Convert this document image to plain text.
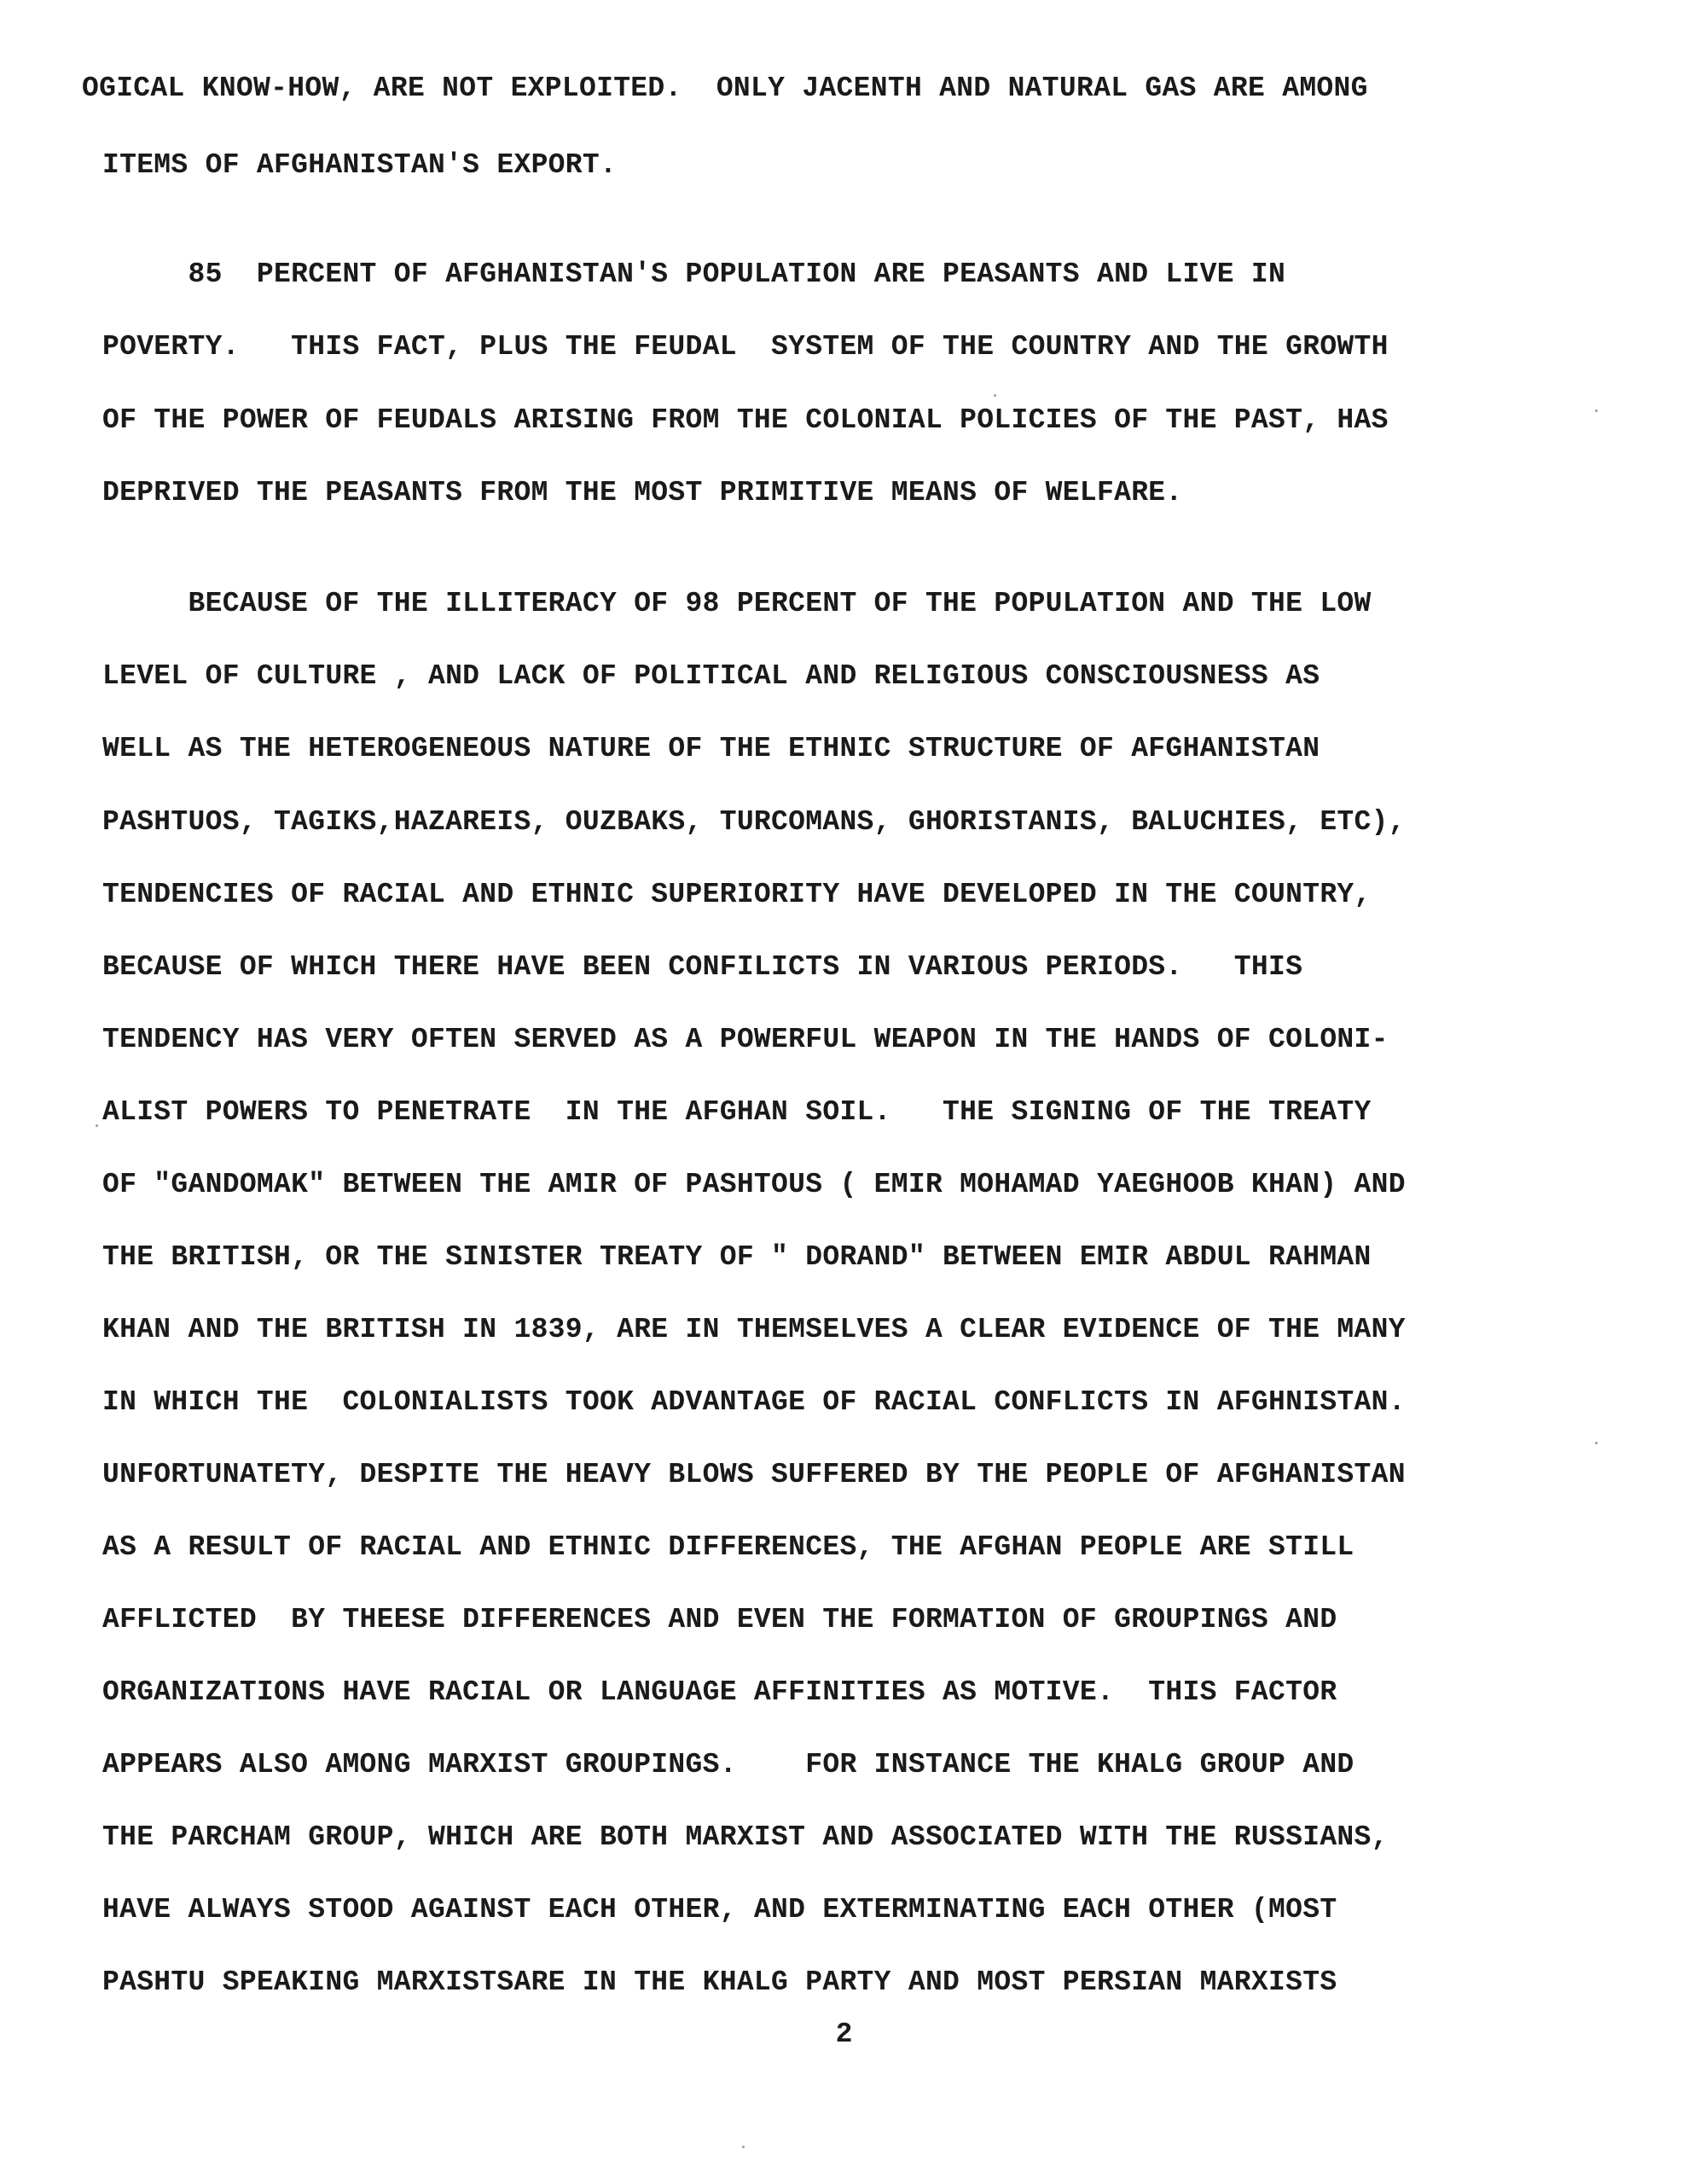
OGICAL KNOW-HOW, ARE NOT EXPLOITED.  ONLY JACENTH AND NATURAL GAS ARE AMONG

ITEMS OF AFGHANISTAN'S EXPORT.

85  PERCENT OF AFGHANISTAN'S POPULATION ARE PEASANTS AND LIVE IN

POVERTY.   THIS FACT, PLUS THE FEUDAL  SYSTEM OF THE COUNTRY AND THE GROWTH

OF THE POWER OF FEUDALS ARISING FROM THE COLONIAL POLICIES OF THE PAST, HAS

DEPRIVED THE PEASANTS FROM THE MOST PRIMITIVE MEANS OF WELFARE.

BECAUSE OF THE ILLITERACY OF 98 PERCENT OF THE POPULATION AND THE LOW

LEVEL OF CULTURE , AND LACK OF POLITICAL AND RELIGIOUS CONSCIOUSNESS AS

WELL AS THE HETEROGENEOUS NATURE OF THE ETHNIC STRUCTURE OF AFGHANISTAN

PASHTUOS, TAGIKS,HAZAREIS, OUZBAKS, TURCOMANS, GHORISTANIS, BALUCHIES, ETC),

TENDENCIES OF RACIAL AND ETHNIC SUPERIORITY HAVE DEVELOPED IN THE COUNTRY,

BECAUSE OF WHICH THERE HAVE BEEN CONFILICTS IN VARIOUS PERIODS.   THIS

TENDENCY HAS VERY OFTEN SERVED AS A POWERFUL WEAPON IN THE HANDS OF COLONI-

ALIST POWERS TO PENETRATE  IN THE AFGHAN SOIL.   THE SIGNING OF THE TREATY

OF "GANDOMAK" BETWEEN THE AMIR OF PASHTOUS ( EMIR MOHAMAD YAEGHOOB KHAN) AND

THE BRITISH, OR THE SINISTER TREATY OF " DORAND" BETWEEN EMIR ABDUL RAHMAN

KHAN AND THE BRITISH IN 1839, ARE IN THEMSELVES A CLEAR EVIDENCE OF THE MANY

IN WHICH THE  COLONIALISTS TOOK ADVANTAGE OF RACIAL CONFLICTS IN AFGHNISTAN.

UNFORTUNATETY, DESPITE THE HEAVY BLOWS SUFFERED BY THE PEOPLE OF AFGHANISTAN

AS A RESULT OF RACIAL AND ETHNIC DIFFERENCES, THE AFGHAN PEOPLE ARE STILL

AFFLICTED  BY THEESE DIFFERENCES AND EVEN THE FORMATION OF GROUPINGS AND

ORGANIZATIONS HAVE RACIAL OR LANGUAGE AFFINITIES AS MOTIVE.  THIS FACTOR

APPEARS ALSO AMONG MARXIST GROUPINGS.    FOR INSTANCE THE KHALG GROUP AND

THE PARCHAM GROUP, WHICH ARE BOTH MARXIST AND ASSOCIATED WITH THE RUSSIANS,

HAVE ALWAYS STOOD AGAINST EACH OTHER, AND EXTERMINATING EACH OTHER (MOST

PASHTU SPEAKING MARXISTSARE IN THE KHALG PARTY AND MOST PERSIAN MARXISTS

2
